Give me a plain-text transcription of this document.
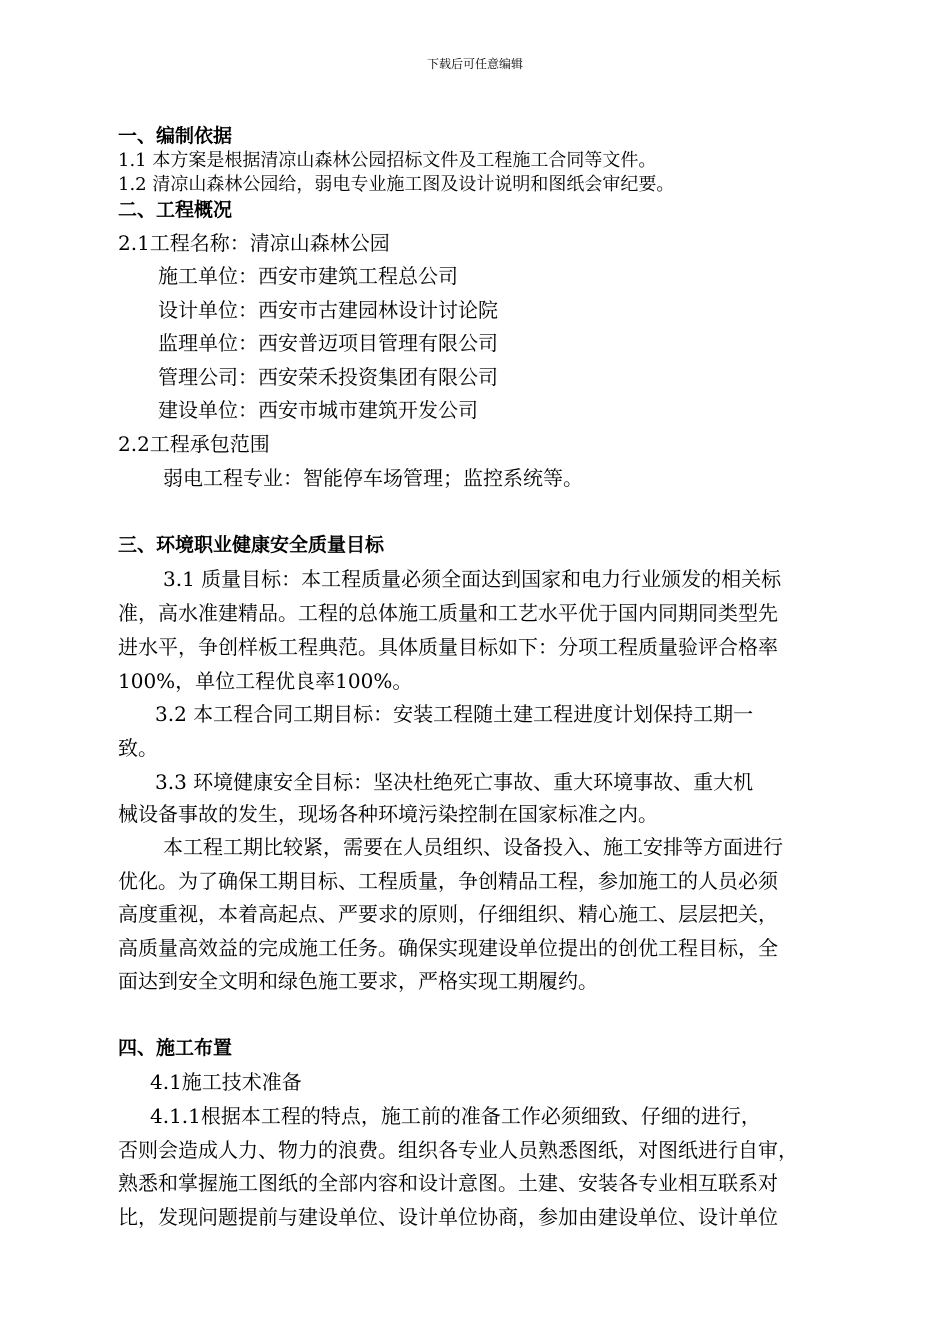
下载后可任意编辑
一、编制依据
1.1 本方案是根据清凉山森林公园招标文件及工程施工合同等文件。
1.2 清凉山森林公园给，弱电专业施工图及设计说明和图纸会审纪要。
二、工程概况
2.1工程名称：清凉山森林公园
施工单位：西安市建筑工程总公司
设计单位：西安市古建园林设计讨论院
监理单位：西安普迈项目管理有限公司
管理公司：西安荣禾投资集团有限公司
建设单位：西安市城市建筑开发公司
2.2工程承包范围
弱电工程专业：智能停车场管理；监控系统等。
三、环境职业健康安全质量目标
3.1 质量目标：本工程质量必须全面达到国家和电力行业颁发的相关标
准，高水准建精品。工程的总体施工质量和工艺水平优于国内同期同类型先
进水平，争创样板工程典范。具体质量目标如下：分项工程质量验评合格率
100%，单位工程优良率100%。
3.2 本工程合同工期目标：安装工程随土建工程进度计划保持工期一
致。
3.3 环境健康安全目标：坚决杜绝死亡事故、重大环境事故、重大机
械设备事故的发生，现场各种环境污染控制在国家标准之内。
本工程工期比较紧，需要在人员组织、设备投入、施工安排等方面进行
优化。为了确保工期目标、工程质量，争创精品工程，参加施工的人员必须
高度重视，本着高起点、严要求的原则，仔细组织、精心施工、层层把关，
高质量高效益的完成施工任务。确保实现建设单位提出的创优工程目标，全
面达到安全文明和绿色施工要求，严格实现工期履约。
四、施工布置
4.1施工技术准备
4.1.1根据本工程的特点，施工前的准备工作必须细致、仔细的进行，
否则会造成人力、物力的浪费。组织各专业人员熟悉图纸，对图纸进行自审，
熟悉和掌握施工图纸的全部内容和设计意图。土建、安装各专业相互联系对
比，发现问题提前与建设单位、设计单位协商，参加由建设单位、设计单位
